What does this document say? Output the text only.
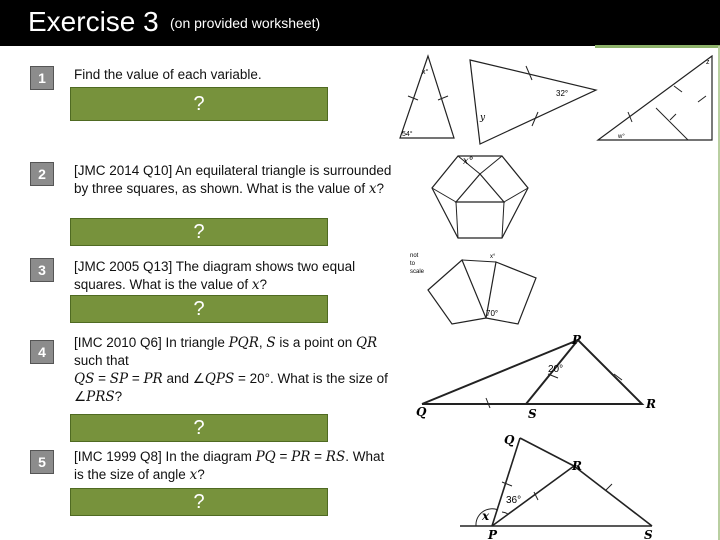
Exercise 3 (on provided worksheet)
1	Find the value of each variable.
?
2	[JMC 2014 Q10] An equilateral triangle is surrounded by three squares, as shown. What is the value of x?
?
3	[JMC 2005 Q13] The diagram shows two equal squares. What is the value of x?
?
4
[IMC 2010 Q6] In triangle PQR, S is a point on QR such that
QS = SP = PR and ∠QPS = 20°. What is the size of ∠PRS?
?
5	[IMC 1999 Q8] In the diagram PQ = PR = RS. What is the size of angle x?
?
x°
54°
32°
y
z
w°
x°
not
to
scale
x°
70°
P
Q
R
S
20°
Q
R
P	S
36°
x
